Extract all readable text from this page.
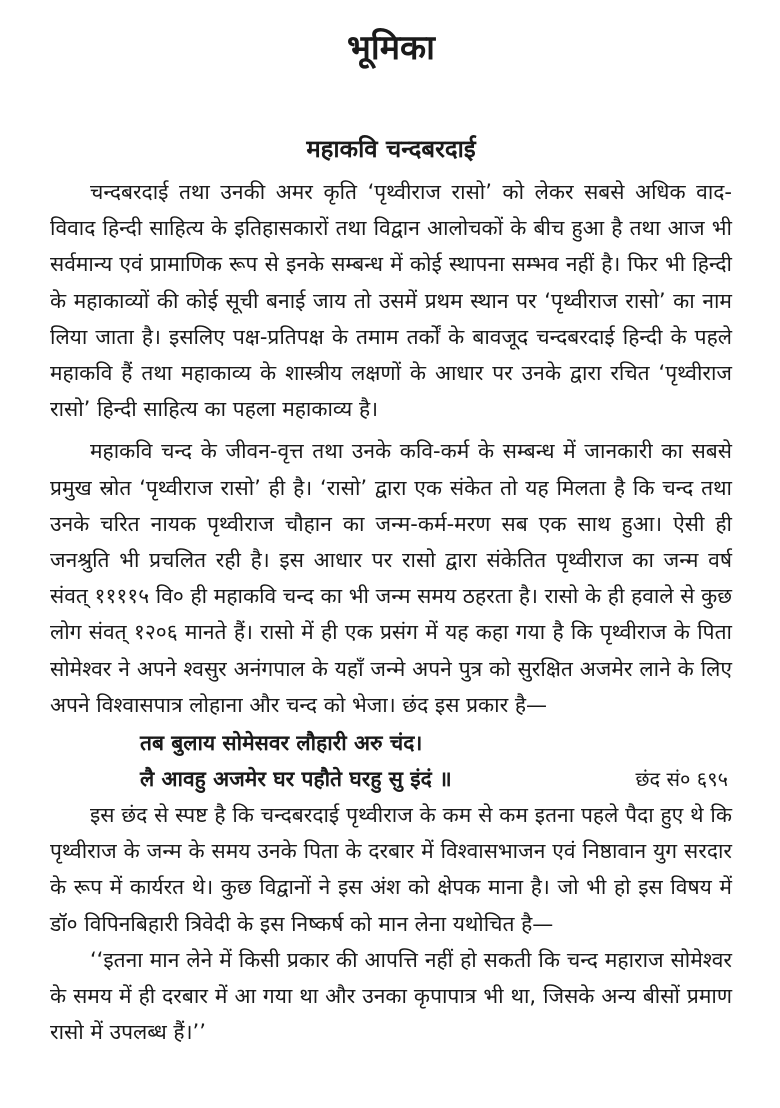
भूमिका
महाकवि चन्दबरदाई

चन्दबरदाई तथा उनकी अमर कृति ‘पृथ्वीराज रासो’ को लेकर सबसे अधिक वाद-विवाद हिन्दी साहित्य के इतिहासकारों तथा विद्वान आलोचकों के बीच हुआ है तथा आज भी सर्वमान्य एवं प्रामाणिक रूप से इनके सम्बन्ध में कोई स्थापना सम्भव नहीं है। फिर भी हिन्दी के महाकाव्यों की कोई सूची बनाई जाय तो उसमें प्रथम स्थान पर ‘पृथ्वीराज रासो’ का नाम लिया जाता है। इसलिए पक्ष-प्रतिपक्ष के तमाम तर्कों के बावजूद चन्दबरदाई हिन्दी के पहले महाकवि हैं तथा महाकाव्य के शास्त्रीय लक्षणों के आधार पर उनके द्वारा रचित ‘पृथ्वीराज रासो’ हिन्दी साहित्य का पहला महाकाव्य है।

महाकवि चन्द के जीवन-वृत्त तथा उनके कवि-कर्म के सम्बन्ध में जानकारी का सबसे प्रमुख स्रोत ‘पृथ्वीराज रासो’ ही है। ‘रासो’ द्वारा एक संकेत तो यह मिलता है कि चन्द तथा उनके चरित नायक पृथ्वीराज चौहान का जन्म-कर्म-मरण सब एक साथ हुआ। ऐसी ही जनश्रुति भी प्रचलित रही है। इस आधार पर रासो द्वारा संकेतित पृथ्वीराज का जन्म वर्ष संवत् ११११५ वि० ही महाकवि चन्द का भी जन्म समय ठहरता है। रासो के ही हवाले से कुछ लोग संवत् १२०६ मानते हैं। रासो में ही एक प्रसंग में यह कहा गया है कि पृथ्वीराज के पिता सोमेश्वर ने अपने श्वसुर अनंगपाल के यहाँ जन्मे अपने पुत्र को सुरक्षित अजमेर लाने के लिए अपने विश्वासपात्र लोहाना और चन्द को भेजा। छंद इस प्रकार है—

तब बुलाय सोमेसवर लौहारी अरु चंद।

लै आवहु अजमेर घर पहौते घरहु सु इंदं ॥	छंद सं० ६९५

इस छंद से स्पष्ट है कि चन्दबरदाई पृथ्वीराज के कम से कम इतना पहले पैदा हुए थे कि पृथ्वीराज के जन्म के समय उनके पिता के दरबार में विश्वासभाजन एवं निष्ठावान युग सरदार के रूप में कार्यरत थे। कुछ विद्वानों ने इस अंश को क्षेपक माना है। जो भी हो इस विषय में डॉ० विपिनबिहारी त्रिवेदी के इस निष्कर्ष को मान लेना यथोचित है—

‘‘इतना मान लेने में किसी प्रकार की आपत्ति नहीं हो सकती कि चन्द महाराज सोमेश्वर के समय में ही दरबार में आ गया था और उनका कृपापात्र भी था, जिसके अन्य बीसों प्रमाण रासो में उपलब्ध हैं।’’
